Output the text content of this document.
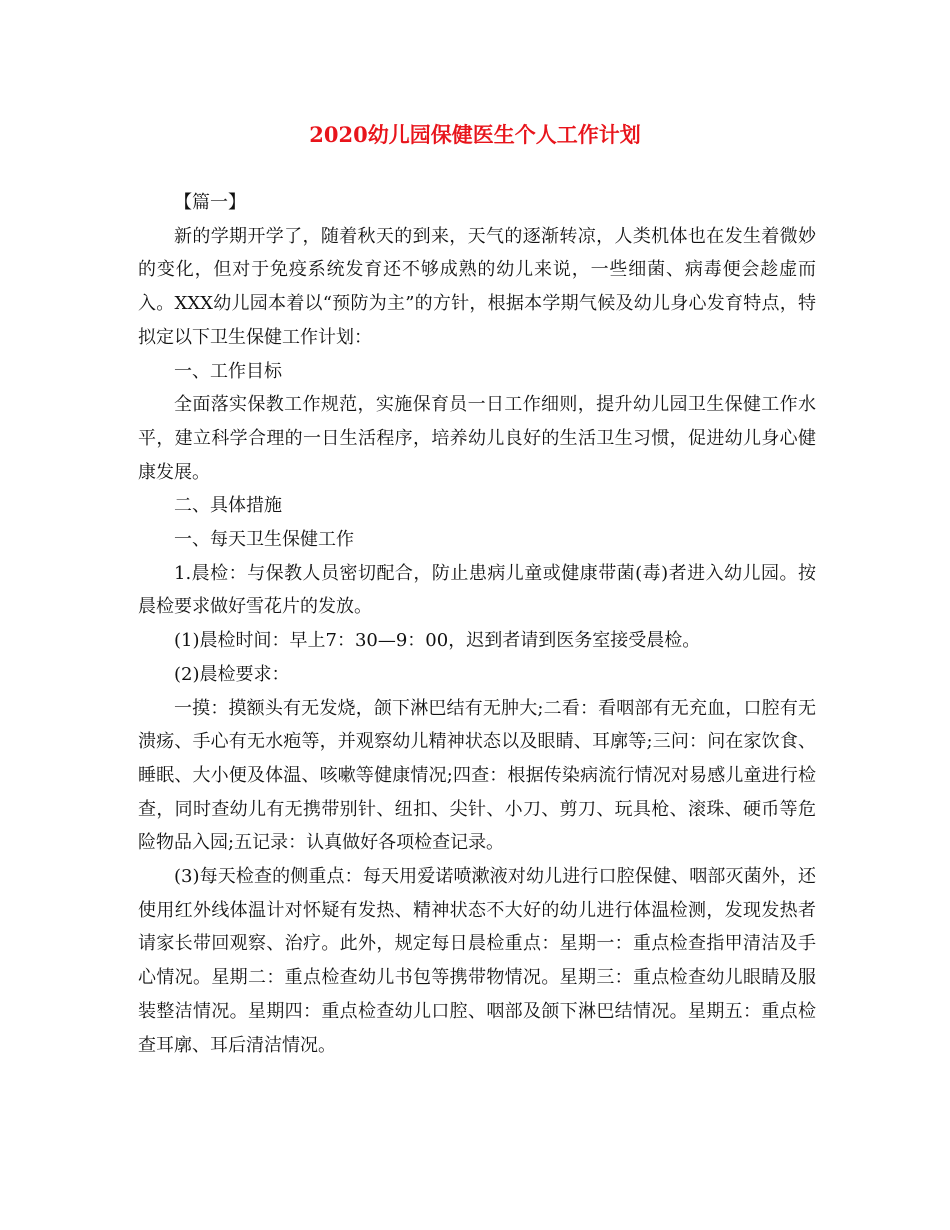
2020幼儿园保健医生个人工作计划

【篇一】

新的学期开学了，随着秋天的到来，天气的逐渐转凉，人类机体也在发生着微妙的变化，但对于免疫系统发育还不够成熟的幼儿来说，一些细菌、病毒便会趁虚而入。XXX幼儿园本着以“预防为主”的方针，根据本学期气候及幼儿身心发育特点，特拟定以下卫生保健工作计划：

一、工作目标

全面落实保教工作规范，实施保育员一日工作细则，提升幼儿园卫生保健工作水平，建立科学合理的一日生活程序，培养幼儿良好的生活卫生习惯，促进幼儿身心健康发展。

二、具体措施

一、每天卫生保健工作

1.晨检：与保教人员密切配合，防止患病儿童或健康带菌(毒)者进入幼儿园。按晨检要求做好雪花片的发放。

(1)晨检时间：早上7：30—9：00，迟到者请到医务室接受晨检。

(2)晨检要求：

一摸：摸额头有无发烧，颌下淋巴结有无肿大;二看：看咽部有无充血，口腔有无溃疡、手心有无水疱等，并观察幼儿精神状态以及眼睛、耳廓等;三问：问在家饮食、睡眠、大小便及体温、咳嗽等健康情况;四查：根据传染病流行情况对易感儿童进行检查，同时查幼儿有无携带别针、纽扣、尖针、小刀、剪刀、玩具枪、滚珠、硬币等危险物品入园;五记录：认真做好各项检查记录。

(3)每天检查的侧重点：每天用爱诺喷漱液对幼儿进行口腔保健、咽部灭菌外，还使用红外线体温计对怀疑有发热、精神状态不大好的幼儿进行体温检测，发现发热者请家长带回观察、治疗。此外，规定每日晨检重点：星期一：重点检查指甲清洁及手心情况。星期二：重点检查幼儿书包等携带物情况。星期三：重点检查幼儿眼睛及服装整洁情况。星期四：重点检查幼儿口腔、咽部及颌下淋巴结情况。星期五：重点检查耳廓、耳后清洁情况。
